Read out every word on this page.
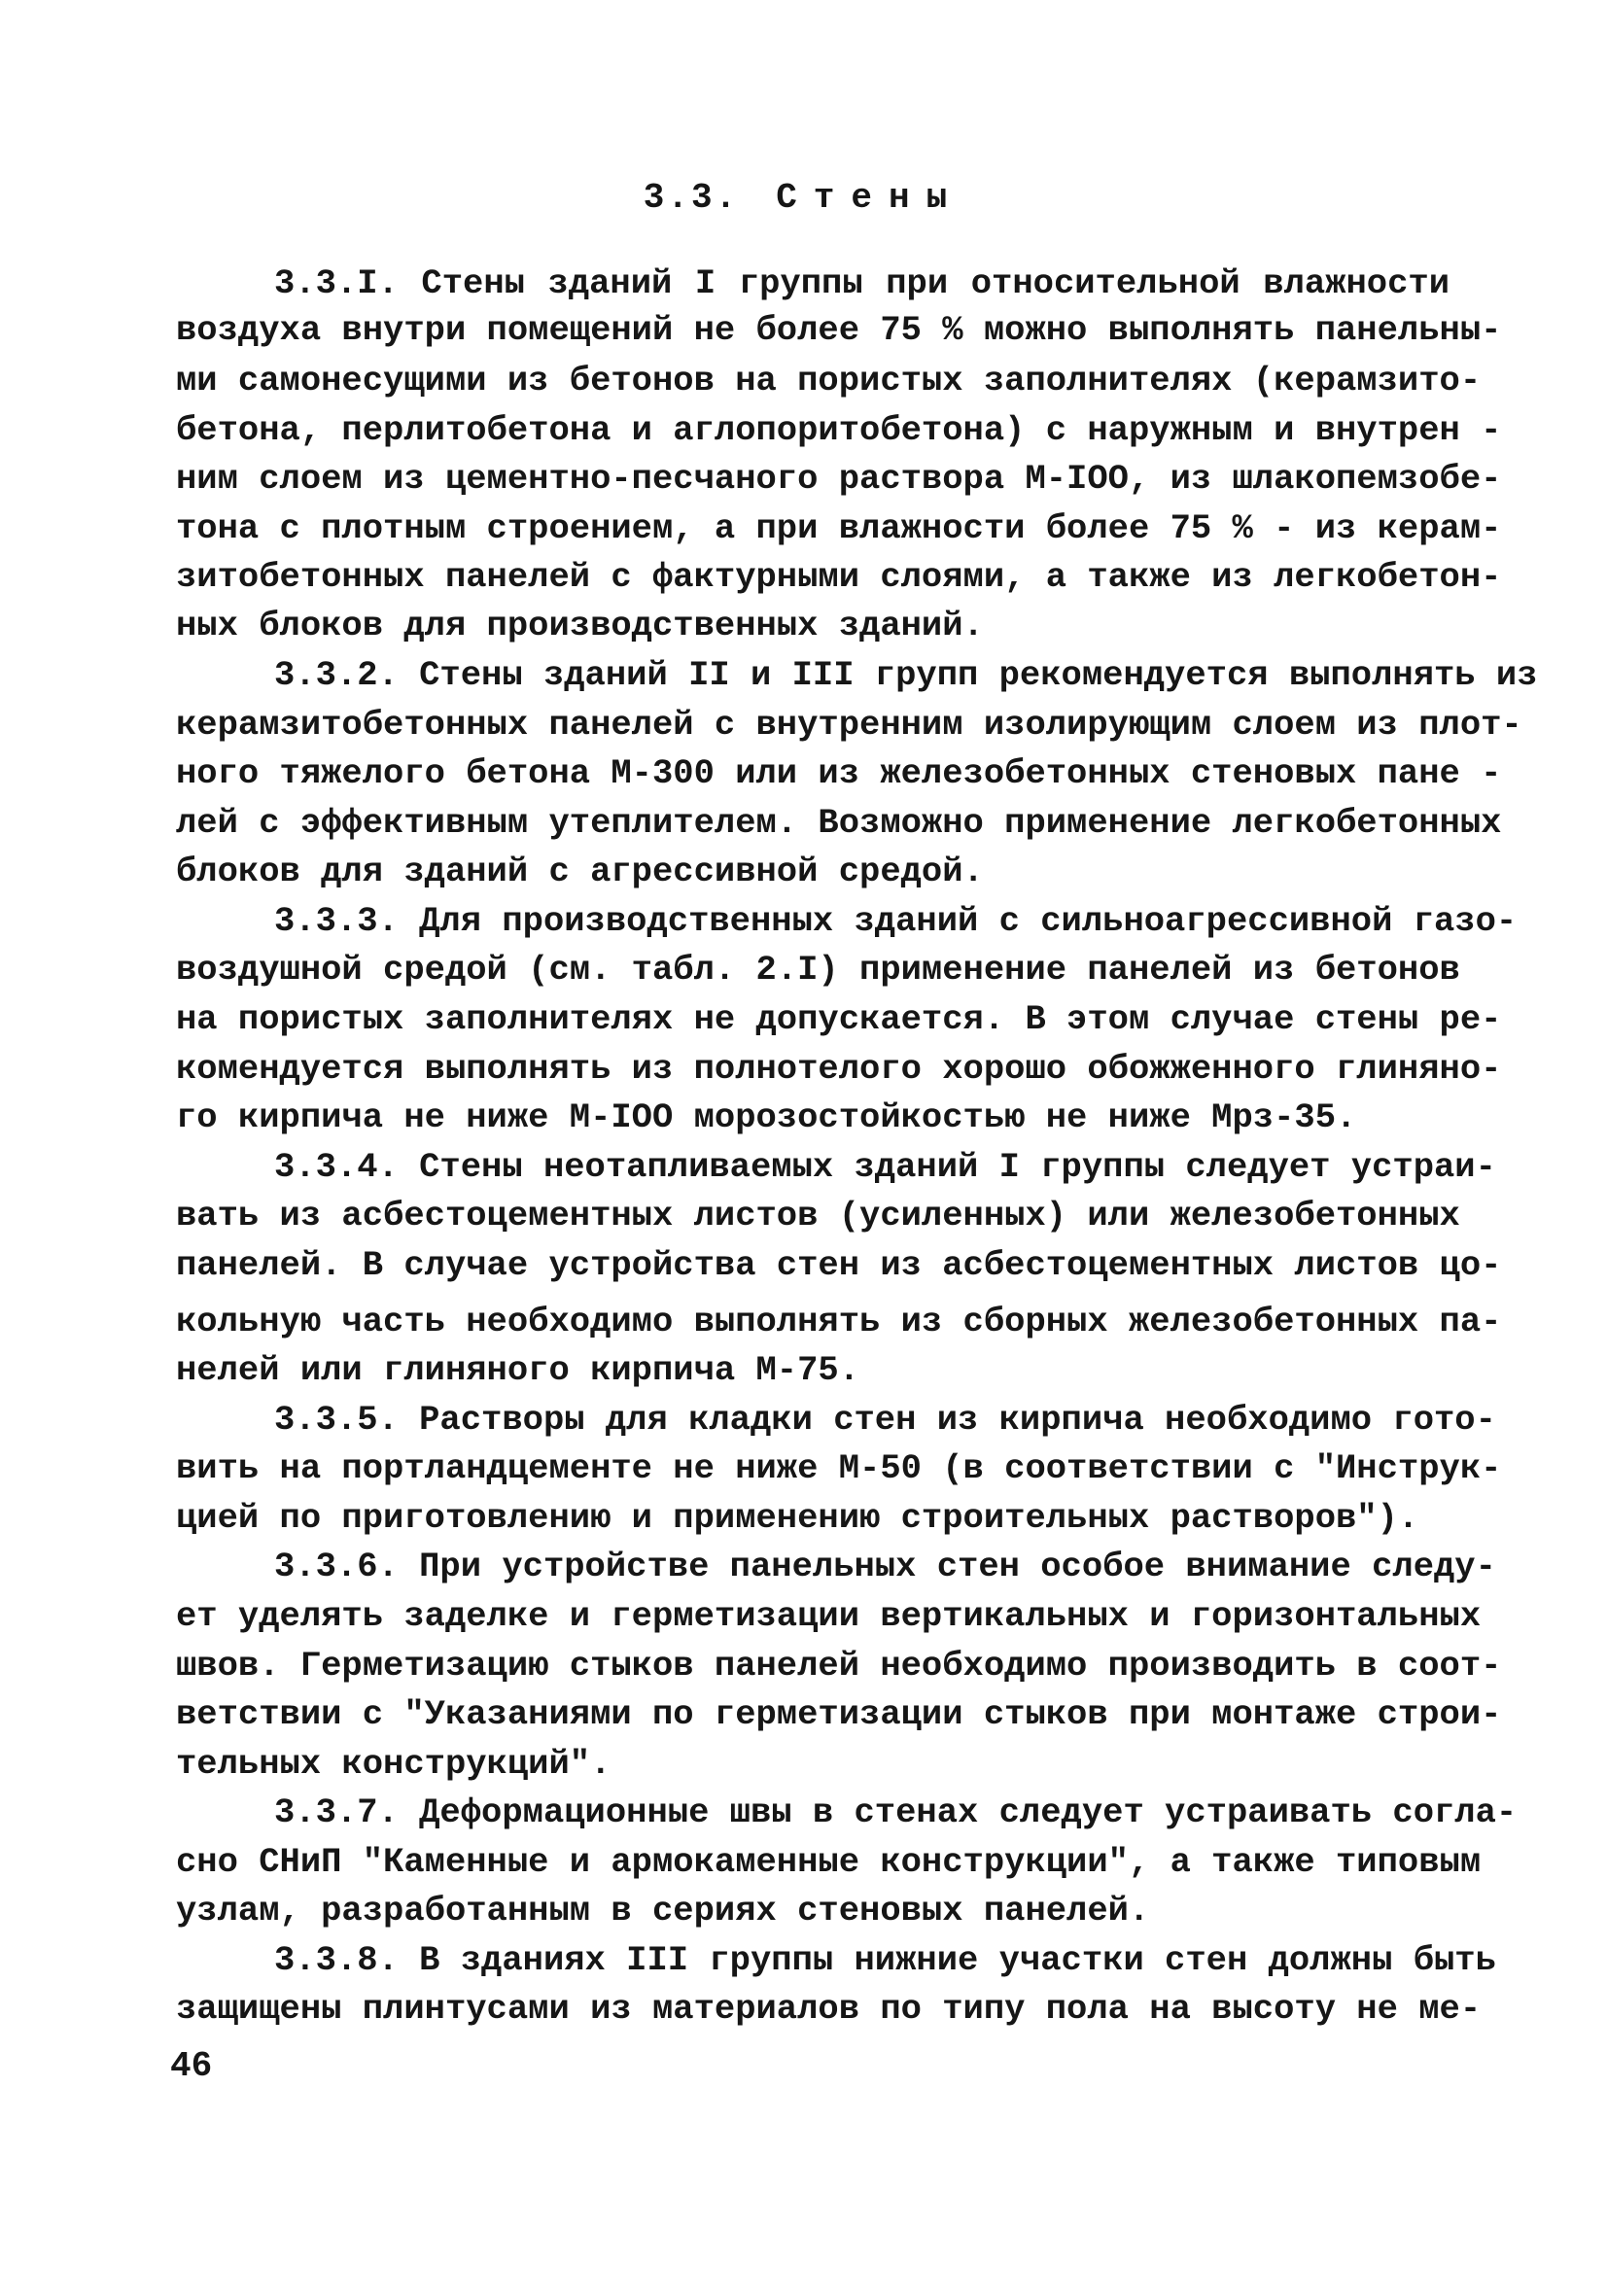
3.3. Стены
3.3.I. Стены зданий I группы при относительной влажности
воздуха внутри помещений не более 75 % можно выполнять панельны-
ми самонесущими из бетонов на пористых заполнителях (керамзито-
бетона, перлитобетона и аглопоритобетона) с наружным и внутрен -
ним слоем из цементно-песчаного раствора М-IOO, из шлакопемзобе-
тона с плотным строением, а при влажности более 75 % - из керам-
зитобетонных панелей с фактурными слоями, а также из легкобетон-
ных блоков для производственных зданий.
3.3.2. Стены зданий II и III групп рекомендуется выполнять из
керамзитобетонных панелей с внутренним изолирующим слоем из плот-
ного тяжелого бетона М-300 или из железобетонных стеновых пане -
лей с эффективным утеплителем. Возможно применение легкобетонных
блоков для зданий с агрессивной средой.
3.3.3. Для производственных зданий с сильноагрессивной газо-
воздушной средой (см. табл. 2.I) применение панелей из бетонов
на пористых заполнителях не допускается. В этом случае стены ре-
комендуется выполнять из полнотелого хорошо обожженного глиняно-
го кирпича не ниже М-IOO морозостойкостью не ниже Мрз-35.
3.3.4. Стены неотапливаемых зданий I группы следует устраи-
вать из асбестоцементных листов (усиленных) или железобетонных
панелей. В случае устройства стен из асбестоцементных листов цо-
кольную часть необходимо выполнять из сборных железобетонных па-
нелей или глиняного кирпича М-75.
3.3.5. Растворы для кладки стен из кирпича необходимо гото-
вить на портландцементе не ниже М-50 (в соответствии с "Инструк-
цией по приготовлению и применению строительных растворов").
3.3.6. При устройстве панельных стен особое внимание следу-
ет уделять заделке и герметизации вертикальных и горизонтальных
швов. Герметизацию стыков панелей необходимо производить в соот-
ветствии с "Указаниями по герметизации стыков при монтаже строи-
тельных конструкций".
3.3.7. Деформационные швы в стенах следует устраивать согла-
сно СНиП "Каменные и армокаменные конструкции", а также типовым
узлам, разработанным в сериях стеновых панелей.
3.3.8. В зданиях III группы нижние участки стен должны быть
защищены плинтусами из материалов по типу пола на высоту не ме-
46
